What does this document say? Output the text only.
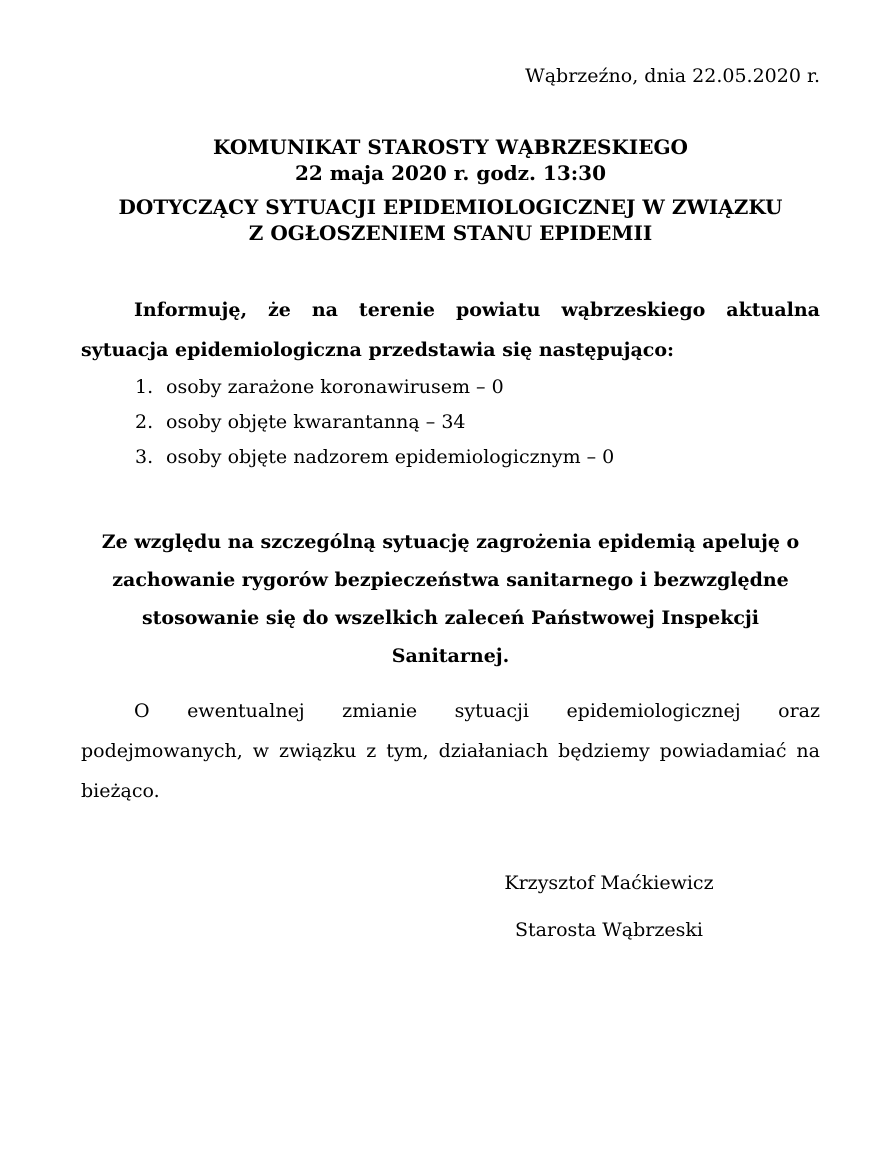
Wąbrzeźno, dnia 22.05.2020 r.

KOMUNIKAT STAROSTY WĄBRZESKIEGO
22 maja 2020 r. godz. 13:30
DOTYCZĄCY SYTUACJI EPIDEMIOLOGICZNEJ W ZWIĄZKU
Z OGŁOSZENIEM STANU EPIDEMII

Informuję, że na terenie powiatu wąbrzeskiego aktualna sytuacja epidemiologiczna przedstawia się następująco:

1. osoby zarażone koronawirusem – 0
2. osoby objęte kwarantanną – 34
3. osoby objęte nadzorem epidemiologicznym – 0

Ze względu na szczególną sytuację zagrożenia epidemią apeluję o zachowanie rygorów bezpieczeństwa sanitarnego i bezwzględne stosowanie się do wszelkich zaleceń Państwowej Inspekcji Sanitarnej.

O ewentualnej zmianie sytuacji epidemiologicznej oraz podejmowanych, w związku z tym, działaniach będziemy powiadamiać na bieżąco.

Krzysztof Maćkiewicz

Starosta Wąbrzeski
